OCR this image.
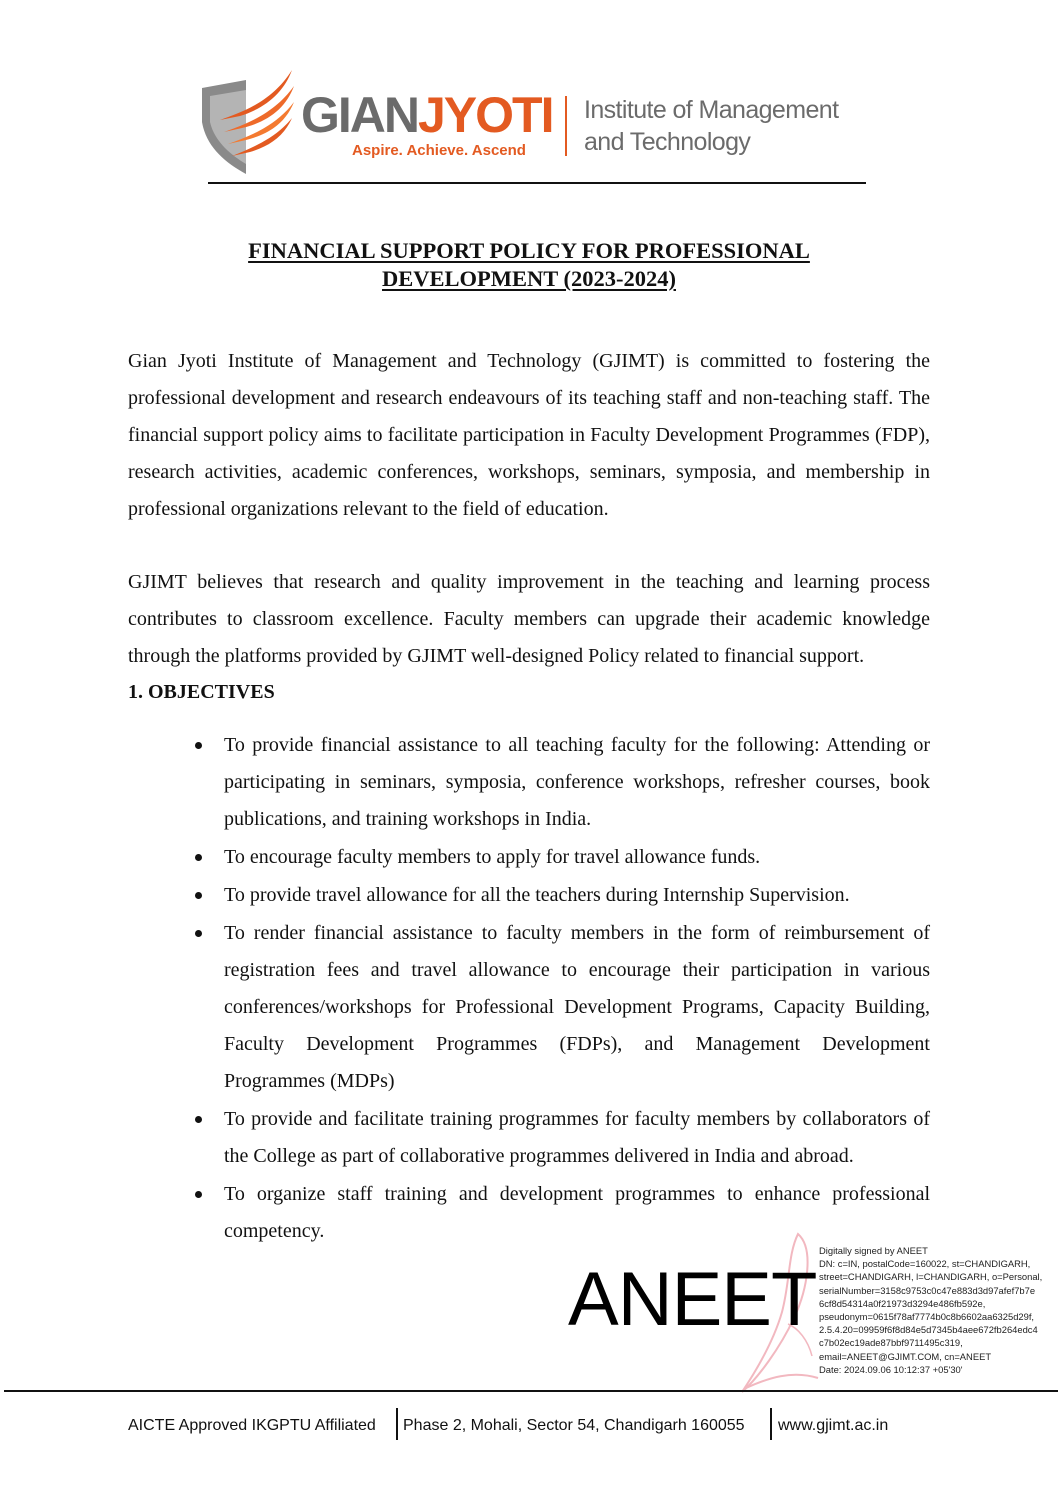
GIANJYOTI
Aspire. Achieve. Ascend
Institute of Management
and Technology
FINANCIAL SUPPORT POLICY FOR PROFESSIONAL
DEVELOPMENT (2023-2024)

Gian Jyoti Institute of Management and Technology (GJIMT) is committed to fostering the professional development and research endeavours of its teaching staff and non-teaching staff. The financial support policy aims to facilitate participation in Faculty Development Programmes (FDP), research activities, academic conferences, workshops, seminars, symposia, and membership in professional organizations relevant to the field of education.

GJIMT believes that research and quality improvement in the teaching and learning process contributes to classroom excellence. Faculty members can upgrade their academic knowledge through the platforms provided by GJIMT well-designed Policy related to financial support.

1. OBJECTIVES
To provide financial assistance to all teaching faculty for the following: Attending or participating in seminars, symposia, conference workshops, refresher courses, book publications, and training workshops in India.
To encourage faculty members to apply for travel allowance funds.
To provide travel allowance for all the teachers during Internship Supervision.
To render financial assistance to faculty members in the form of reimbursement of registration fees and travel allowance to encourage their participation in various conferences/workshops for Professional Development Programs, Capacity Building, Faculty Development Programmes (FDPs), and Management Development Programmes (MDPs)
To provide and facilitate training programmes for faculty members by collaborators of the College as part of collaborative programmes delivered in India and abroad.
To organize staff training and development programmes to enhance professional competency.
ANEET
Digitally signed by ANEET
DN: c=IN, postalCode=160022, st=CHANDIGARH,
street=CHANDIGARH, l=CHANDIGARH, o=Personal,
serialNumber=3158c9753c0c47e883d3d97afef7b7e
6cf8d54314a0f21973d3294e486fb592e,
pseudonym=0615f78af7774b0c8b6602aa6325d29f,
2.5.4.20=09959f6f8d84e5d7345b4aee672fb264edc4
c7b02ec19ade87bbf9711495c319,
email=ANEET@GJIMT.COM, cn=ANEET
Date: 2024.09.06 10:12:37 +05'30'
AICTE Approved IKGPTU Affiliated Phase 2, Mohali, Sector 54, Chandigarh 160055 www.gjimt.ac.in
